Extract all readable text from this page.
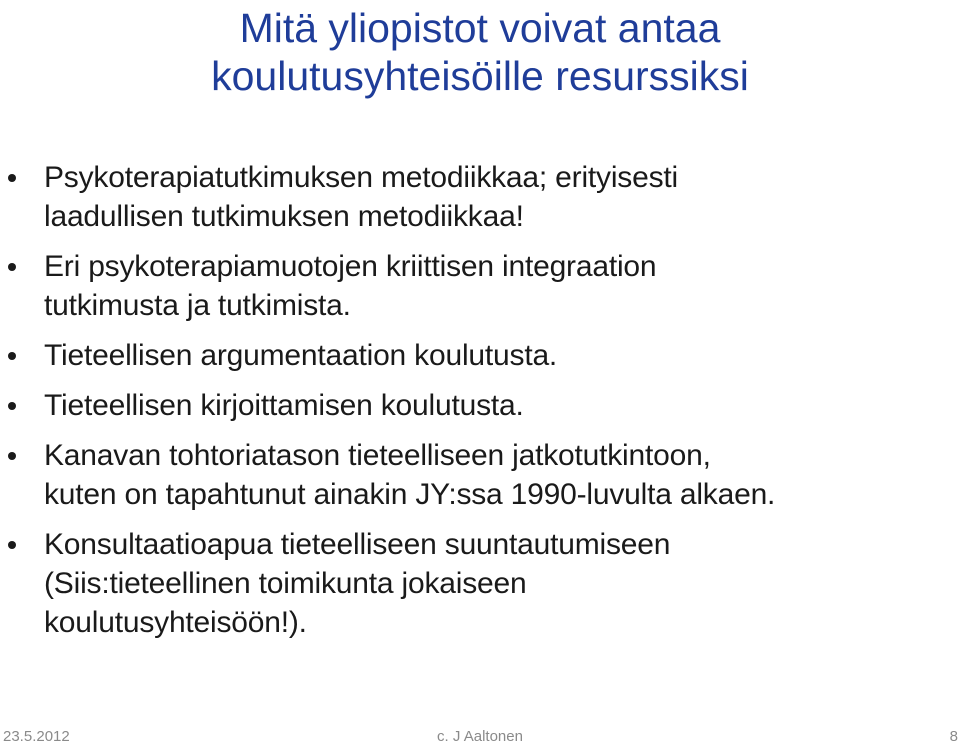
Mitä yliopistot voivat antaa
koulutusyhteisöille resurssiksi
Psykoterapiatutkimuksen metodiikkaa; erityisesti
laadullisen tutkimuksen metodiikkaa!
Eri psykoterapiamuotojen kriittisen integraation
tutkimusta ja tutkimista.
Tieteellisen argumentaation koulutusta.
Tieteellisen kirjoittamisen koulutusta.
Kanavan tohtoriatason tieteelliseen jatkotutkintoon,
kuten on tapahtunut ainakin JY:ssa 1990-luvulta alkaen.
Konsultaatioapua tieteelliseen suuntautumiseen
(Siis:tieteellinen toimikunta jokaiseen
koulutusyhteisöön!).
23.5.2012	c. J Aaltonen	8
